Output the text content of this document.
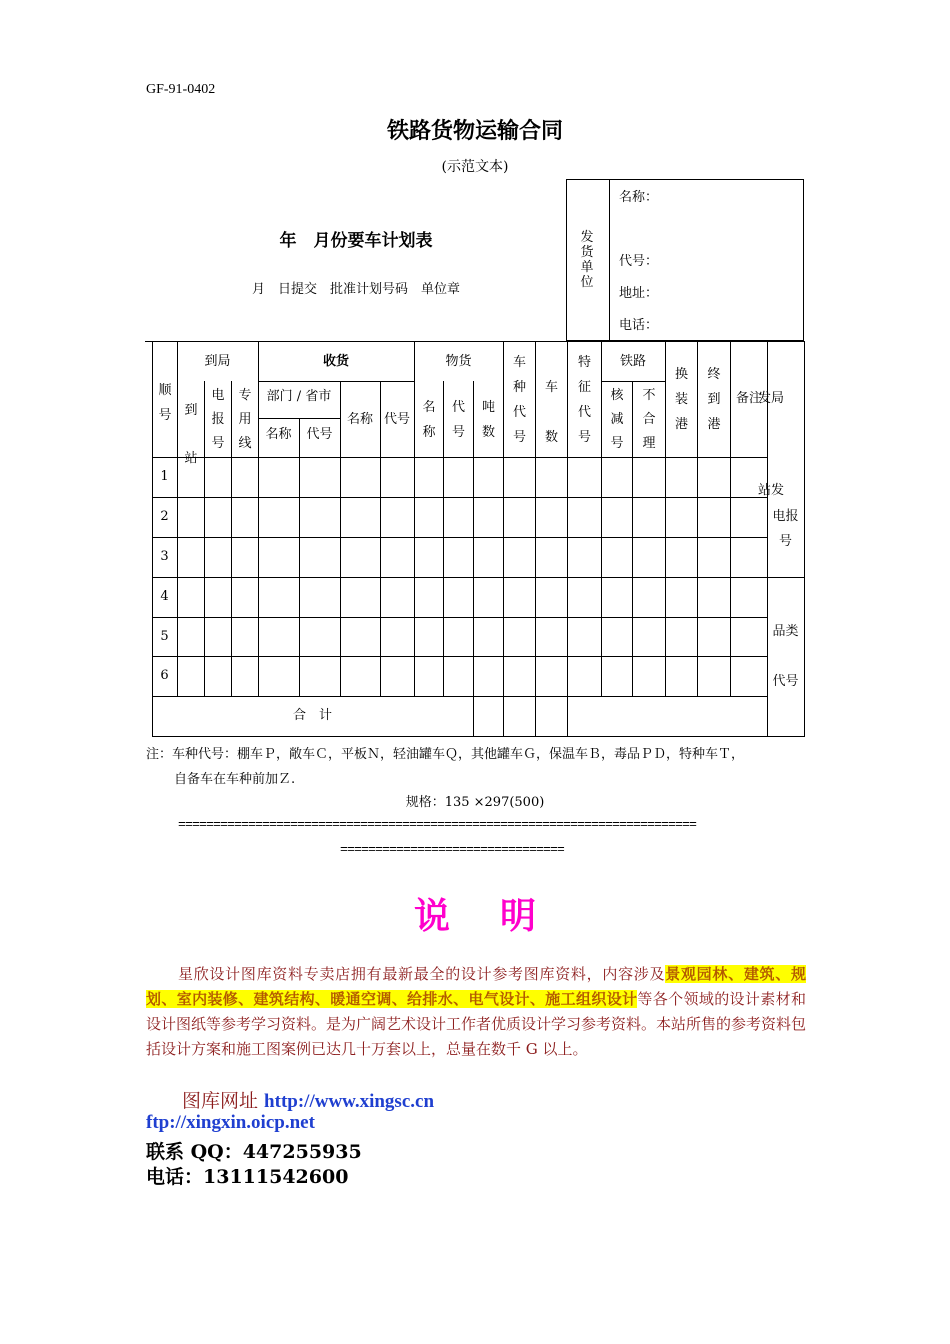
GF-91-0402
铁路货物运输合同
(示范文本)
年　月份要车计划表
月　日提交　批准计划号码　单位章
发货单位
名称：
代号：
地址：
电话：
顺号
到局
到站
电报号
专用线
收货
部门 / 省市
名称	代号
名称 代号
物货
名称
代号
吨数
车种代号
车数
特征代号
铁路
核减号
不合理
换装港
终到港
备注
发局
站发
电报
号
品类
代号
1
2
3
4
5
6
合　计
注：车种代号：棚车Ｐ，敞车Ｃ，平板Ｎ，轻油罐车Ｑ，其他罐车Ｇ，保温车Ｂ，毒品ＰＤ，特种车Ｔ，
自备车在车种前加Ｚ.
规格：135 ×297(500)
==========================================================================
================================
说明
星欣设计图库资料专卖店拥有最新最全的设计参考图库资料，内容涉及景观园林、建筑、规划、室内装修、建筑结构、暖通空调、给排水、电气设计、施工组织设计等各个领域的设计素材和设计图纸等参考学习资料。是为广阔艺术设计工作者优质设计学习参考资料。本站所售的参考资料包括设计方案和施工图案例已达几十万套以上，总量在数千 G 以上。
图库网址 http://www.xingsc.cn
ftp://xingxin.oicp.net
联系 QQ：447255935
电话：13111542600
